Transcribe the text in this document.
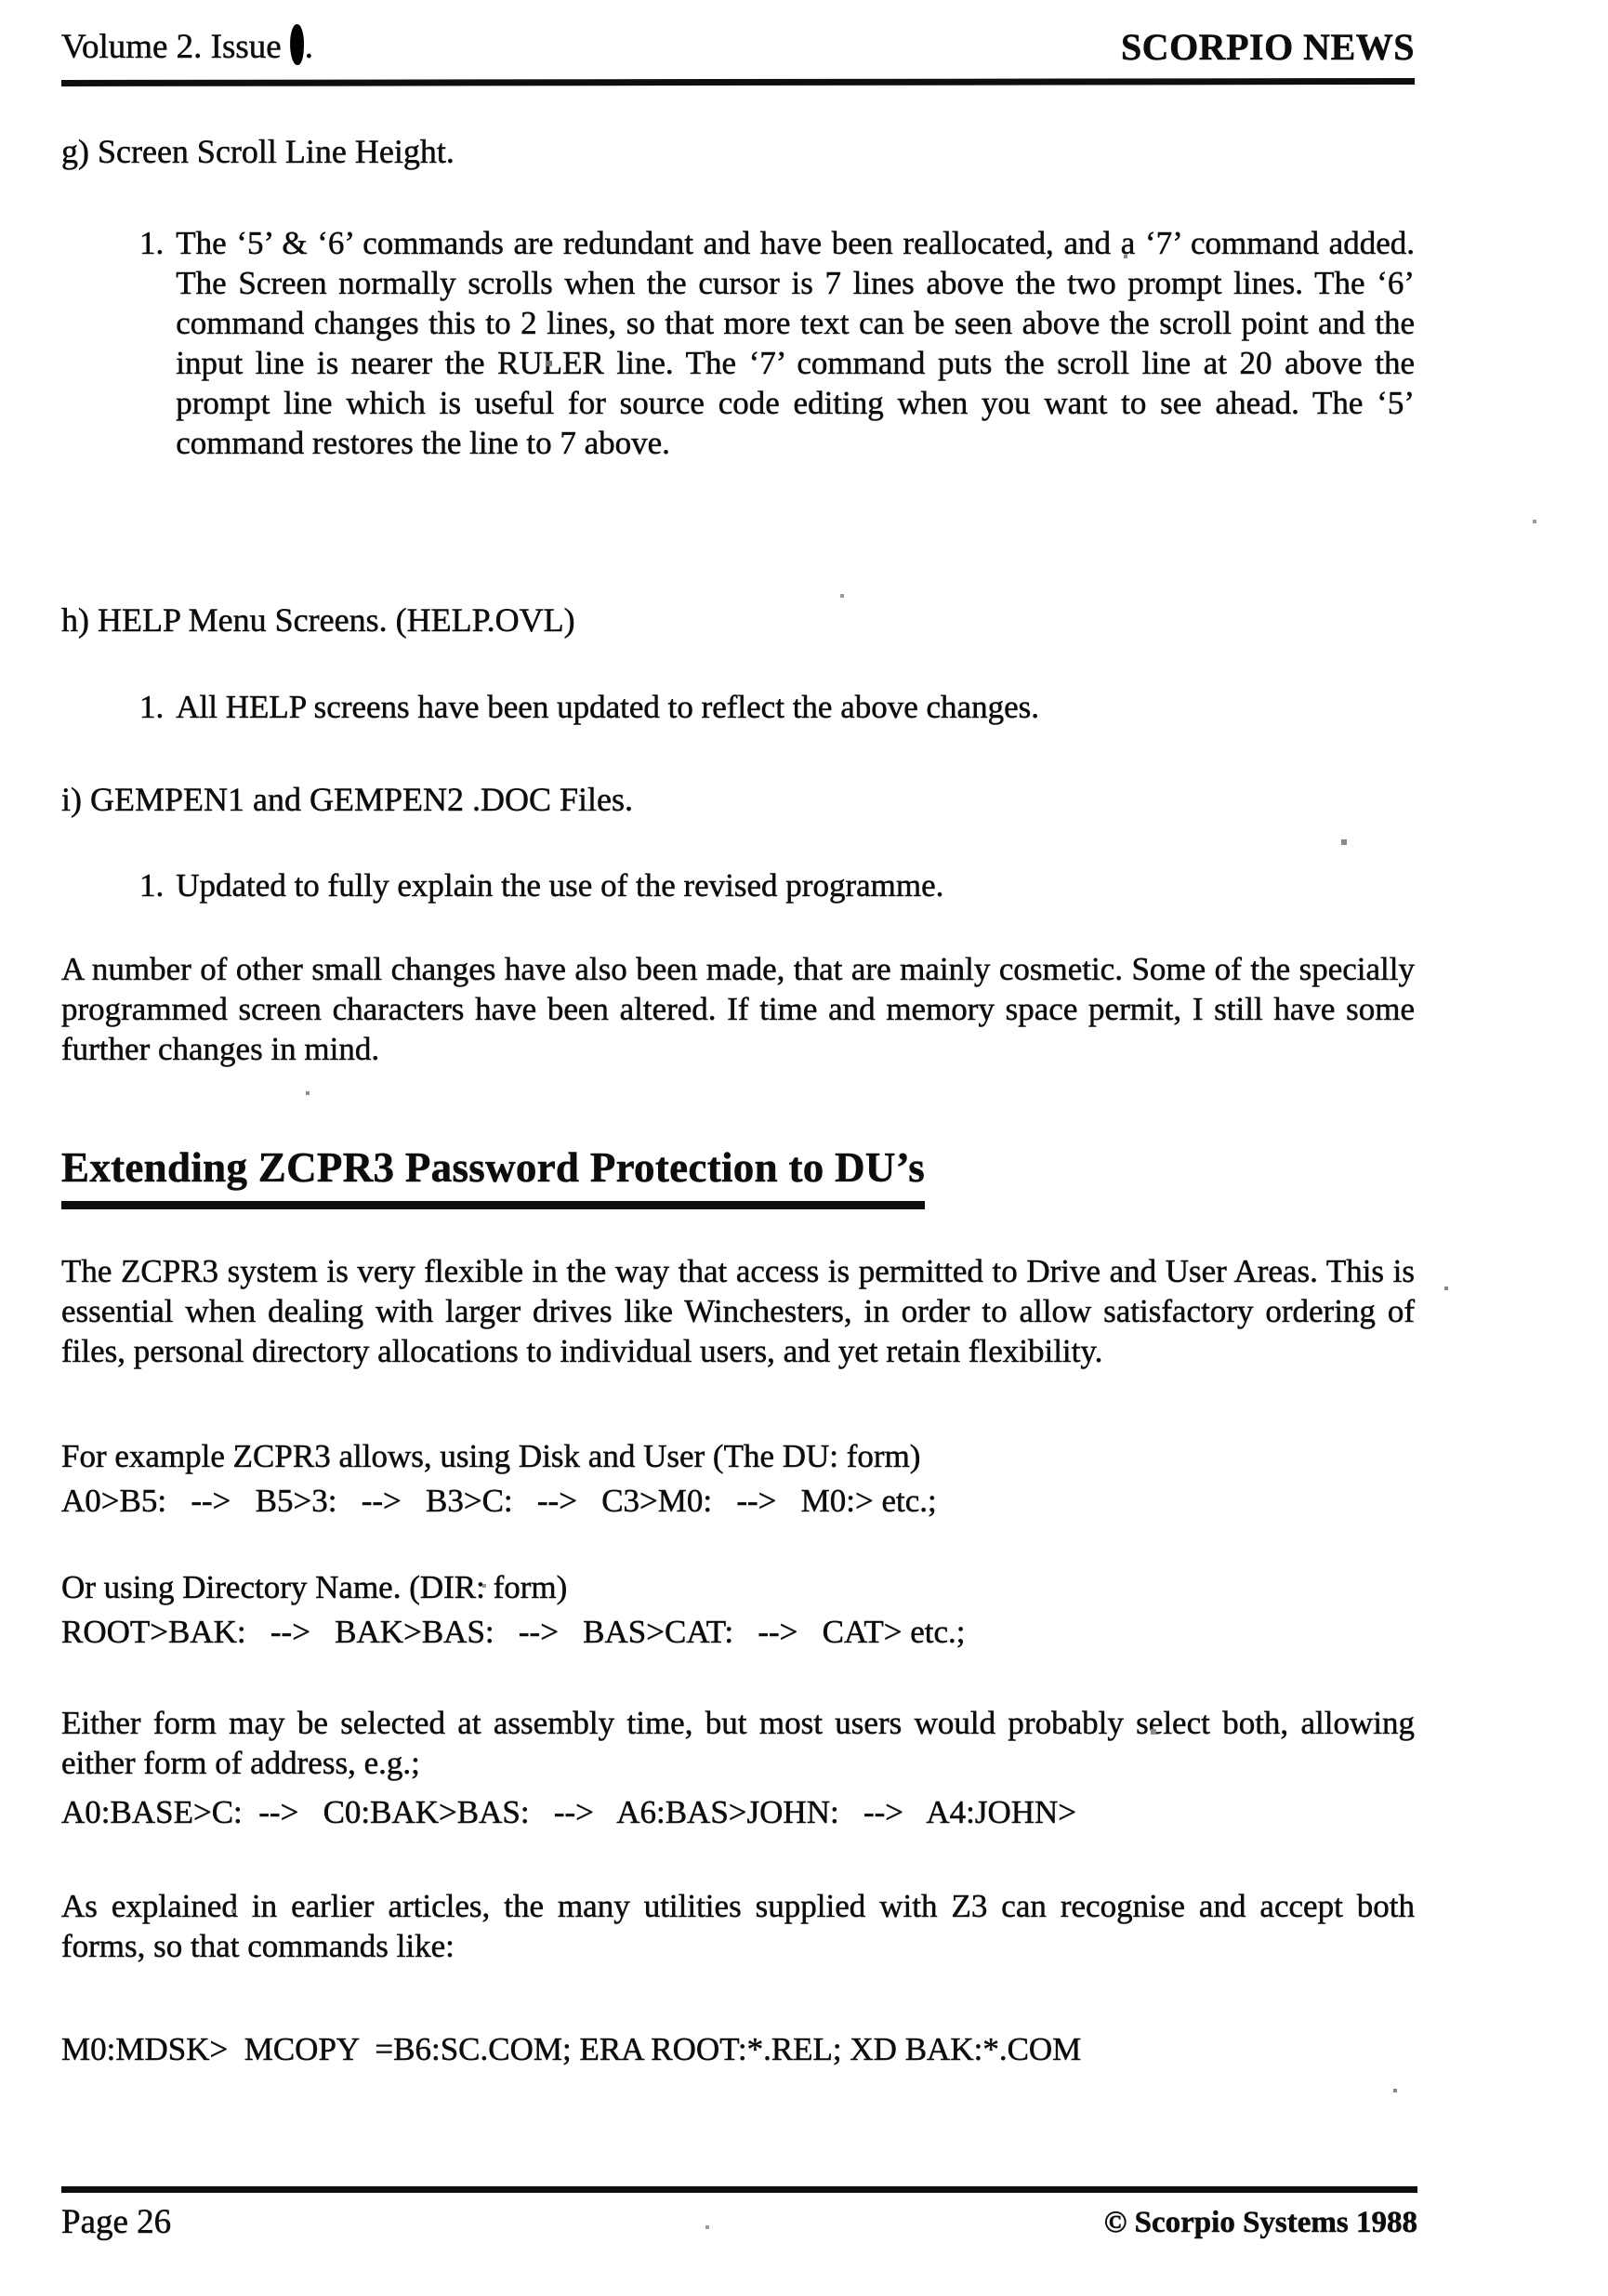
Volume 2. Issue .	SCORPIO NEWS
g) Screen Scroll Line Height.
1. The ‘5’ & ‘6’ commands are redundant and have been reallocated, and a ‘7’ command added. The Screen normally scrolls when the cursor is 7 lines above the two prompt lines. The ‘6’ command changes this to 2 lines, so that more text can be seen above the scroll point and the input line is nearer the RULER line. The ‘7’ command puts the scroll line at 20 above the prompt line which is useful for source code editing when you want to see ahead. The ‘5’ command restores the line to 7 above.
h) HELP Menu Screens. (HELP.OVL)
1. All HELP screens have been updated to reflect the above changes.
i) GEMPEN1 and GEMPEN2 .DOC Files.
1. Updated to fully explain the use of the revised programme.
A number of other small changes have also been made, that are mainly cosmetic. Some of the specially programmed screen characters have been altered. If time and memory space permit, I still have some further changes in mind.
Extending ZCPR3 Password Protection to DU’s
The ZCPR3 system is very flexible in the way that access is permitted to Drive and User Areas. This is essential when dealing with larger drives like Winchesters, in order to allow satisfactory ordering of files, personal directory allocations to individual users, and yet retain flexibility.
For example ZCPR3 allows, using Disk and User (The DU: form)
A0>B5:   -->   B5>3:   -->   B3>C:   -->   C3>M0:   -->   M0:> etc.;
Or using Directory Name. (DIR: form)
ROOT>BAK:   -->   BAK>BAS:   -->   BAS>CAT:   -->   CAT> etc.;
Either form may be selected at assembly time, but most users would probably select both, allowing either form of address, e.g.;
A0:BASE>C:  -->   C0:BAK>BAS:   -->   A6:BAS>JOHN:   -->   A4:JOHN>
As explained in earlier articles, the many utilities supplied with Z3 can recognise and accept both forms, so that commands like:
M0:MDSK>  MCOPY  =B6:SC.COM; ERA ROOT:*.REL; XD BAK:*.COM
Page 26	© Scorpio Systems 1988
